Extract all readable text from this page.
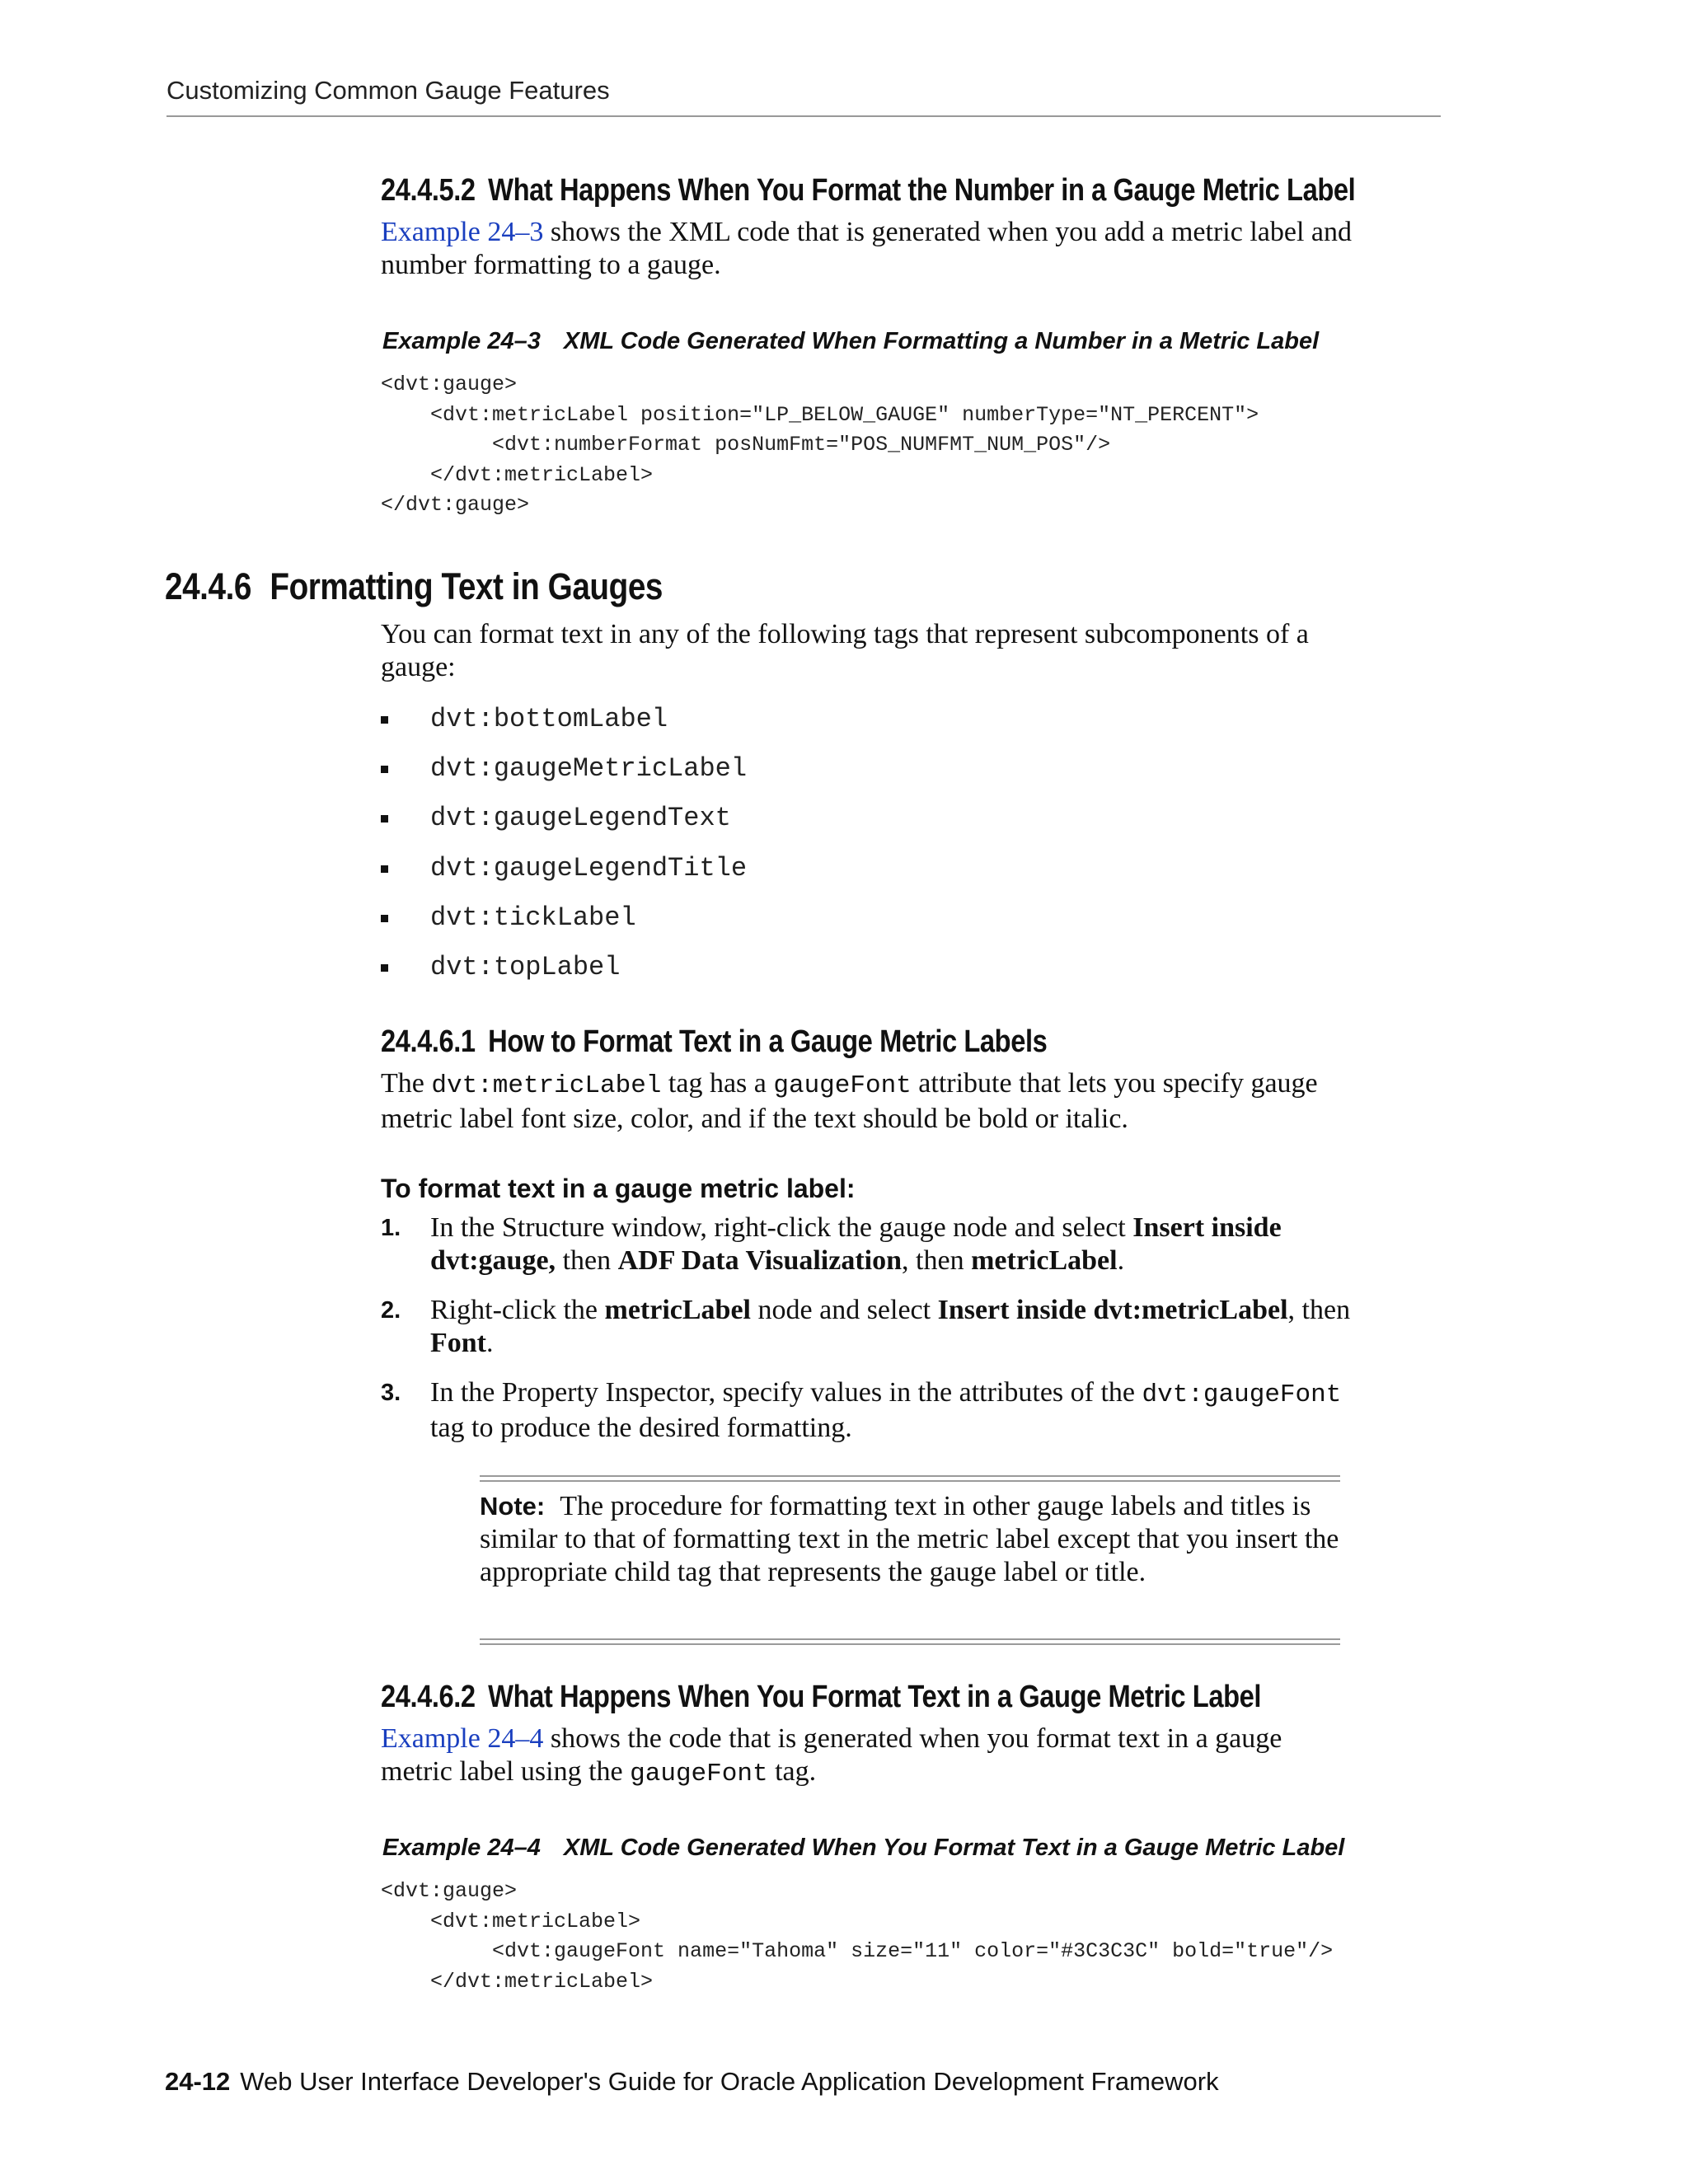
Customizing Common Gauge Features
24.4.5.2 What Happens When You Format the Number in a Gauge Metric Label
Example 24–3 shows the XML code that is generated when you add a metric label and
number formatting to a gauge.
Example 24–3 XML Code Generated When Formatting a Number in a Metric Label
<dvt:gauge>
<dvt:metricLabel position="LP_BELOW_GAUGE" numberType="NT_PERCENT">
<dvt:numberFormat posNumFmt="POS_NUMFMT_NUM_POS"/>
</dvt:metricLabel>
</dvt:gauge>
24.4.6 Formatting Text in Gauges
You can format text in any of the following tags that represent subcomponents of a
gauge:
dvt:bottomLabel
dvt:gaugeMetricLabel
dvt:gaugeLegendText
dvt:gaugeLegendTitle
dvt:tickLabel
dvt:topLabel
24.4.6.1 How to Format Text in a Gauge Metric Labels
The dvt:metricLabel tag has a gaugeFont attribute that lets you specify gauge
metric label font size, color, and if the text should be bold or italic.
To format text in a gauge metric label:
1. In the Structure window, right-click the gauge node and select Insert inside
dvt:gauge, then ADF Data Visualization, then metricLabel.
2. Right-click the metricLabel node and select Insert inside dvt:metricLabel, then
Font.
3. In the Property Inspector, specify values in the attributes of the dvt:gaugeFont
tag to produce the desired formatting.
Note: The procedure for formatting text in other gauge labels and titles is similar to that of formatting text in the metric label except that you insert the appropriate child tag that represents the gauge label or title.
24.4.6.2 What Happens When You Format Text in a Gauge Metric Label
Example 24–4 shows the code that is generated when you format text in a gauge
metric label using the gaugeFont tag.
Example 24–4 XML Code Generated When You Format Text in a Gauge Metric Label
<dvt:gauge>
<dvt:metricLabel>
<dvt:gaugeFont name="Tahoma" size="11" color="#3C3C3C" bold="true"/>
</dvt:metricLabel>
24-12 Web User Interface Developer's Guide for Oracle Application Development Framework
